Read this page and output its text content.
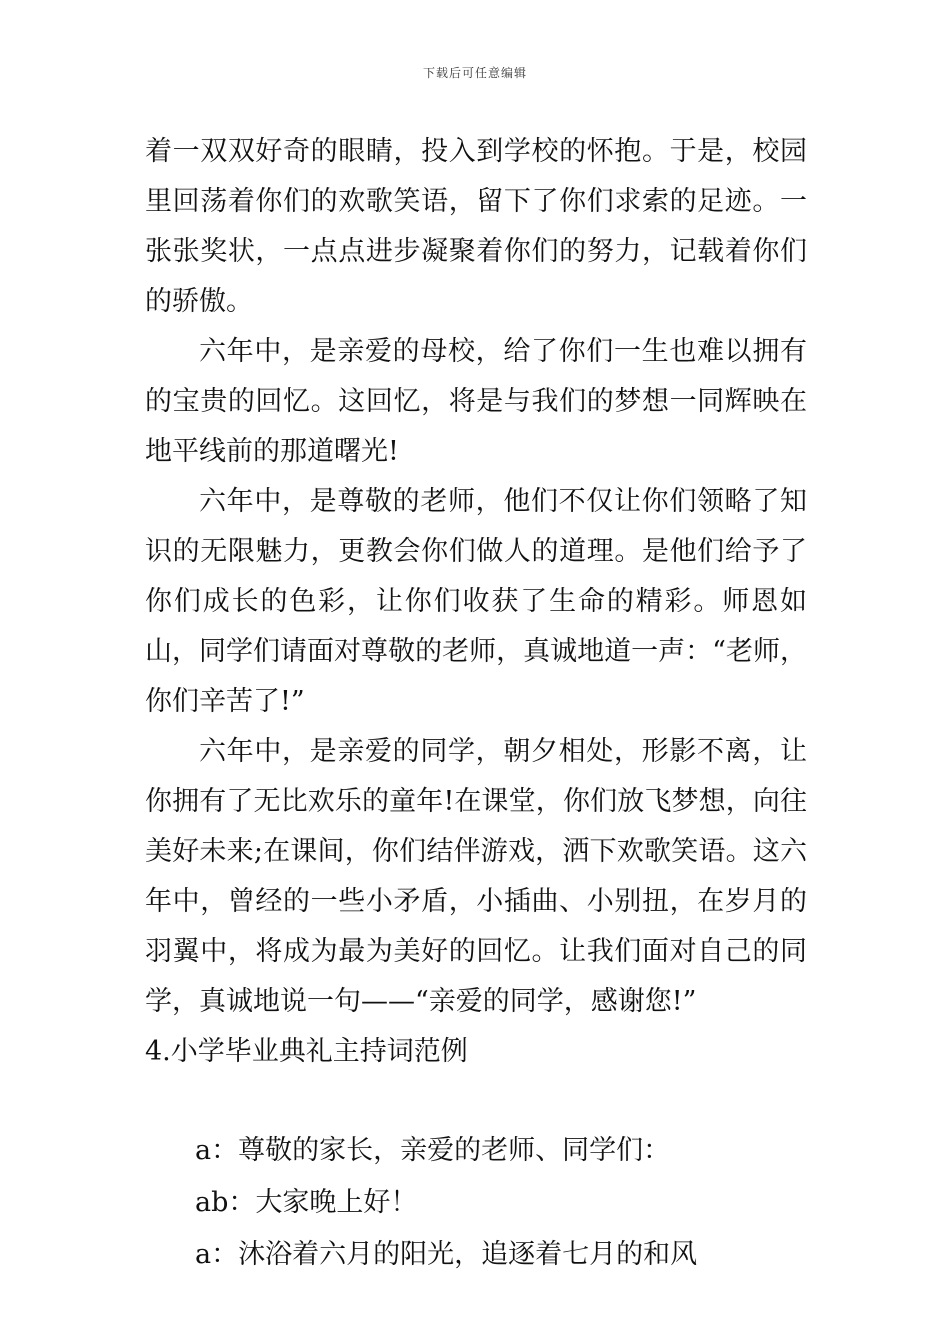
下载后可任意编辑

着一双双好奇的眼睛，投入到学校的怀抱。于是，校园里回荡着你们的欢歌笑语，留下了你们求索的足迹。一张张奖状，一点点进步凝聚着你们的努力，记载着你们的骄傲。

六年中，是亲爱的母校，给了你们一生也难以拥有的宝贵的回忆。这回忆，将是与我们的梦想一同辉映在地平线前的那道曙光!

六年中，是尊敬的老师，他们不仅让你们领略了知识的无限魅力，更教会你们做人的道理。是他们给予了你们成长的色彩，让你们收获了生命的精彩。师恩如山，同学们请面对尊敬的老师，真诚地道一声：“老师，你们辛苦了!”

六年中，是亲爱的同学，朝夕相处，形影不离，让你拥有了无比欢乐的童年!在课堂，你们放飞梦想，向往美好未来;在课间，你们结伴游戏，洒下欢歌笑语。这六年中，曾经的一些小矛盾，小插曲、小别扭，在岁月的羽翼中，将成为最为美好的回忆。让我们面对自己的同学，真诚地说一句——“亲爱的同学，感谢您!”

4.小学毕业典礼主持词范例

a：尊敬的家长，亲爱的老师、同学们：

ab：大家晚上好！

a：沐浴着六月的阳光，追逐着七月的和风
